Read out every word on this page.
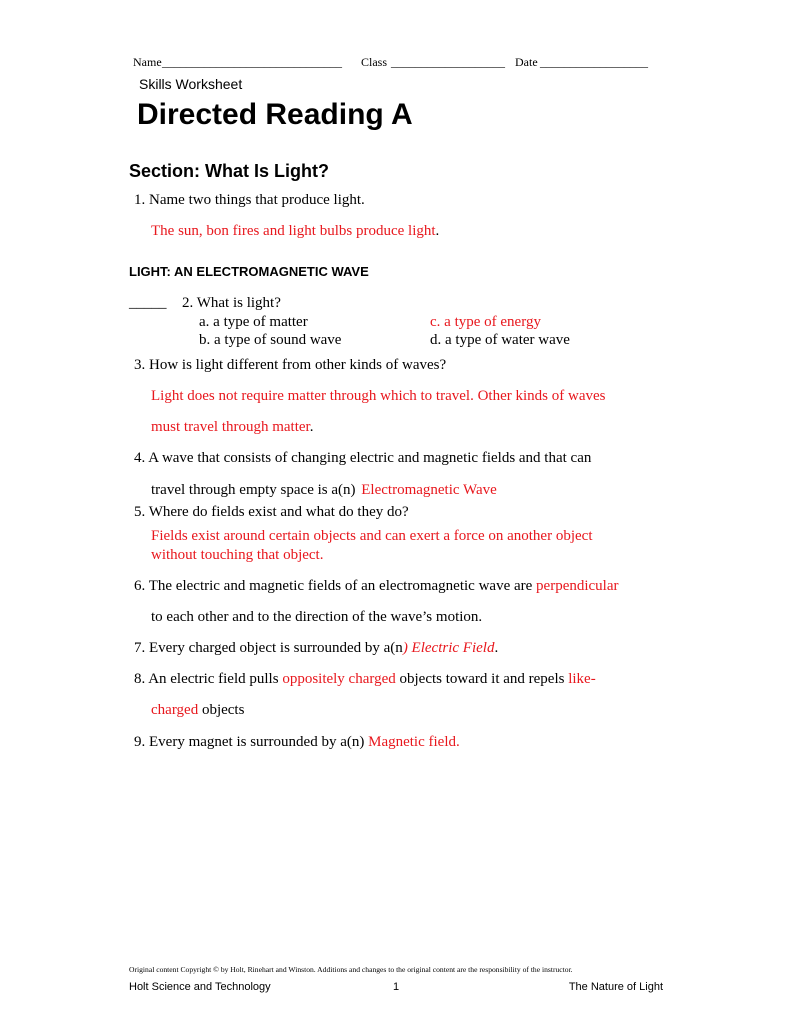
Name ______________________________ Class ___________________ Date __________________
Skills Worksheet
Directed Reading A
Section: What Is Light?
1. Name two things that produce light.
The sun, bon fires and light bulbs produce light.
LIGHT: AN ELECTROMAGNETIC WAVE
_____ 2. What is light?
a. a type of matter
b. a type of sound wave
c. a type of energy
d. a type of water wave
3. How is light different from other kinds of waves?
Light does not require matter through which to travel. Other kinds of waves
must travel through matter.
4. A wave that consists of changing electric and magnetic fields and that can
travel through empty space is a(n) Electromagnetic Wave
5. Where do fields exist and what do they do?
Fields exist around certain objects and can exert a force on another object
without touching that object.
6. The electric and magnetic fields of an electromagnetic wave are perpendicular
to each other and to the direction of the wave’s motion.
7. Every charged object is surrounded by a(n) Electric Field.
8. An electric field pulls oppositely charged objects toward it and repels like-
charged objects
9. Every magnet is surrounded by a(n) Magnetic field.
Original content Copyright © by Holt, Rinehart and Winston. Additions and changes to the original content are the responsibility of the instructor.
Holt Science and Technology	1	The Nature of Light
